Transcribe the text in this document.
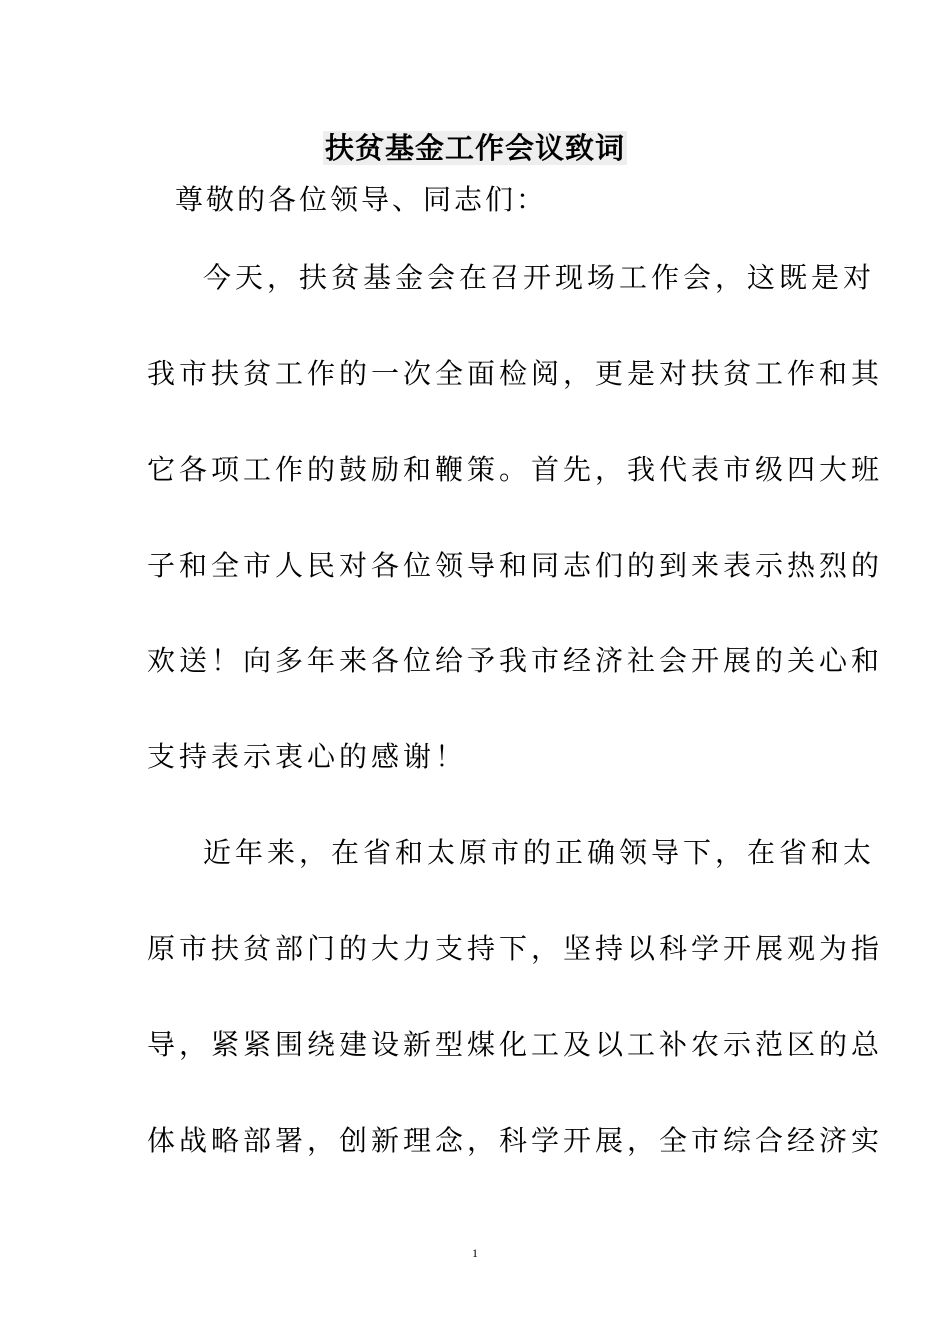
扶贫基金工作会议致词
尊敬的各位领导、同志们：
今天，扶贫基金会在召开现场工作会，这既是对
我市扶贫工作的一次全面检阅，更是对扶贫工作和其
它各项工作的鼓励和鞭策。首先，我代表市级四大班
子和全市人民对各位领导和同志们的到来表示热烈的
欢送！向多年来各位给予我市经济社会开展的关心和
支持表示衷心的感谢！
近年来，在省和太原市的正确领导下，在省和太
原市扶贫部门的大力支持下，坚持以科学开展观为指
导，紧紧围绕建设新型煤化工及以工补农示范区的总
体战略部署，创新理念，科学开展，全市综合经济实
1
